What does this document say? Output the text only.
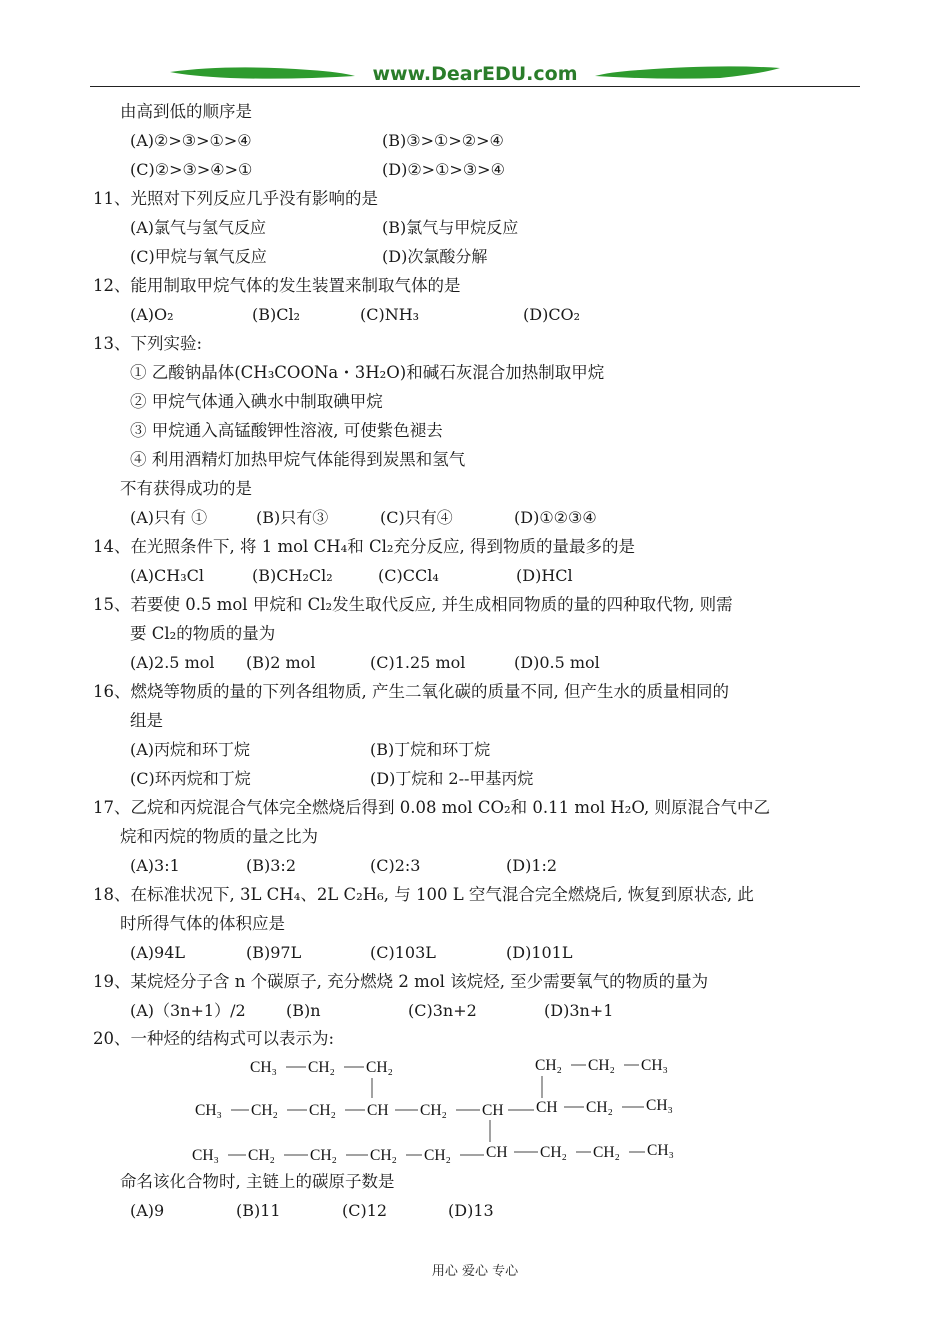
www.DearEDU.com
由高到低的顺序是
(A)②>③>①>④	(B)③>①>②>④
(C)②>③>④>①	(D)②>①>③>④
11、光照对下列反应几乎没有影响的是
(A)氯气与氢气反应	(B)氯气与甲烷反应
(C)甲烷与氧气反应	(D)次氯酸分解
12、能用制取甲烷气体的发生装置来制取气体的是
(A)O₂	(B)Cl₂	(C)NH₃	(D)CO₂
13、下列实验:
① 乙酸钠晶体(CH₃COONa・3H₂O)和碱石灰混合加热制取甲烷
② 甲烷气体通入碘水中制取碘甲烷
③ 甲烷通入高锰酸钾性溶液, 可使紫色褪去
④ 利用酒精灯加热甲烷气体能得到炭黑和氢气
不有获得成功的是
(A)只有 ①	(B)只有③	(C)只有④	(D)①②③④
14、在光照条件下, 将 1 mol CH₄和 Cl₂充分反应, 得到物质的量最多的是
(A)CH₃Cl	(B)CH₂Cl₂	(C)CCl₄	(D)HCl
15、若要使 0.5 mol 甲烷和 Cl₂发生取代反应, 并生成相同物质的量的四种取代物, 则需
要 Cl₂的物质的量为
(A)2.5 mol (B)2 mol	(C)1.25 mol	(D)0.5 mol
16、燃烧等物质的量的下列各组物质, 产生二氧化碳的质量不同, 但产生水的质量相同的
组是
(A)丙烷和环丁烷	(B)丁烷和环丁烷
(C)环丙烷和丁烷	(D)丁烷和 2--甲基丙烷
17、乙烷和丙烷混合气体完全燃烧后得到 0.08 mol CO₂和 0.11 mol H₂O, 则原混合气中乙
烷和丙烷的物质的量之比为
(A)3:1	(B)3:2	(C)2:3	(D)1:2
18、在标准状况下, 3L CH₄、2L C₂H₆, 与 100 L 空气混合完全燃烧后, 恢复到原状态, 此
时所得气体的体积应是
(A)94L	(B)97L	(C)103L	(D)101L
19、某烷烃分子含 n 个碳原子, 充分燃烧 2 mol 该烷烃, 至少需要氧气的物质的量为
(A)（3n+1）/2	(B)n	(C)3n+2	(D)3n+1
20、一种烃的结构式可以表示为:
CH₃ CH₂ CH₂	CH₂ CH₂ CH₃
CH₃ CH₂ CH₂ CH CH₂ CH CH CH₂ CH₃
CH₃ CH₂ CH₂ CH₂ CH₂ CH CH₂ CH₂ CH₃
命名该化合物时, 主链上的碳原子数是
(A)9	(B)11	(C)12	(D)13
用心 爱心 专心
